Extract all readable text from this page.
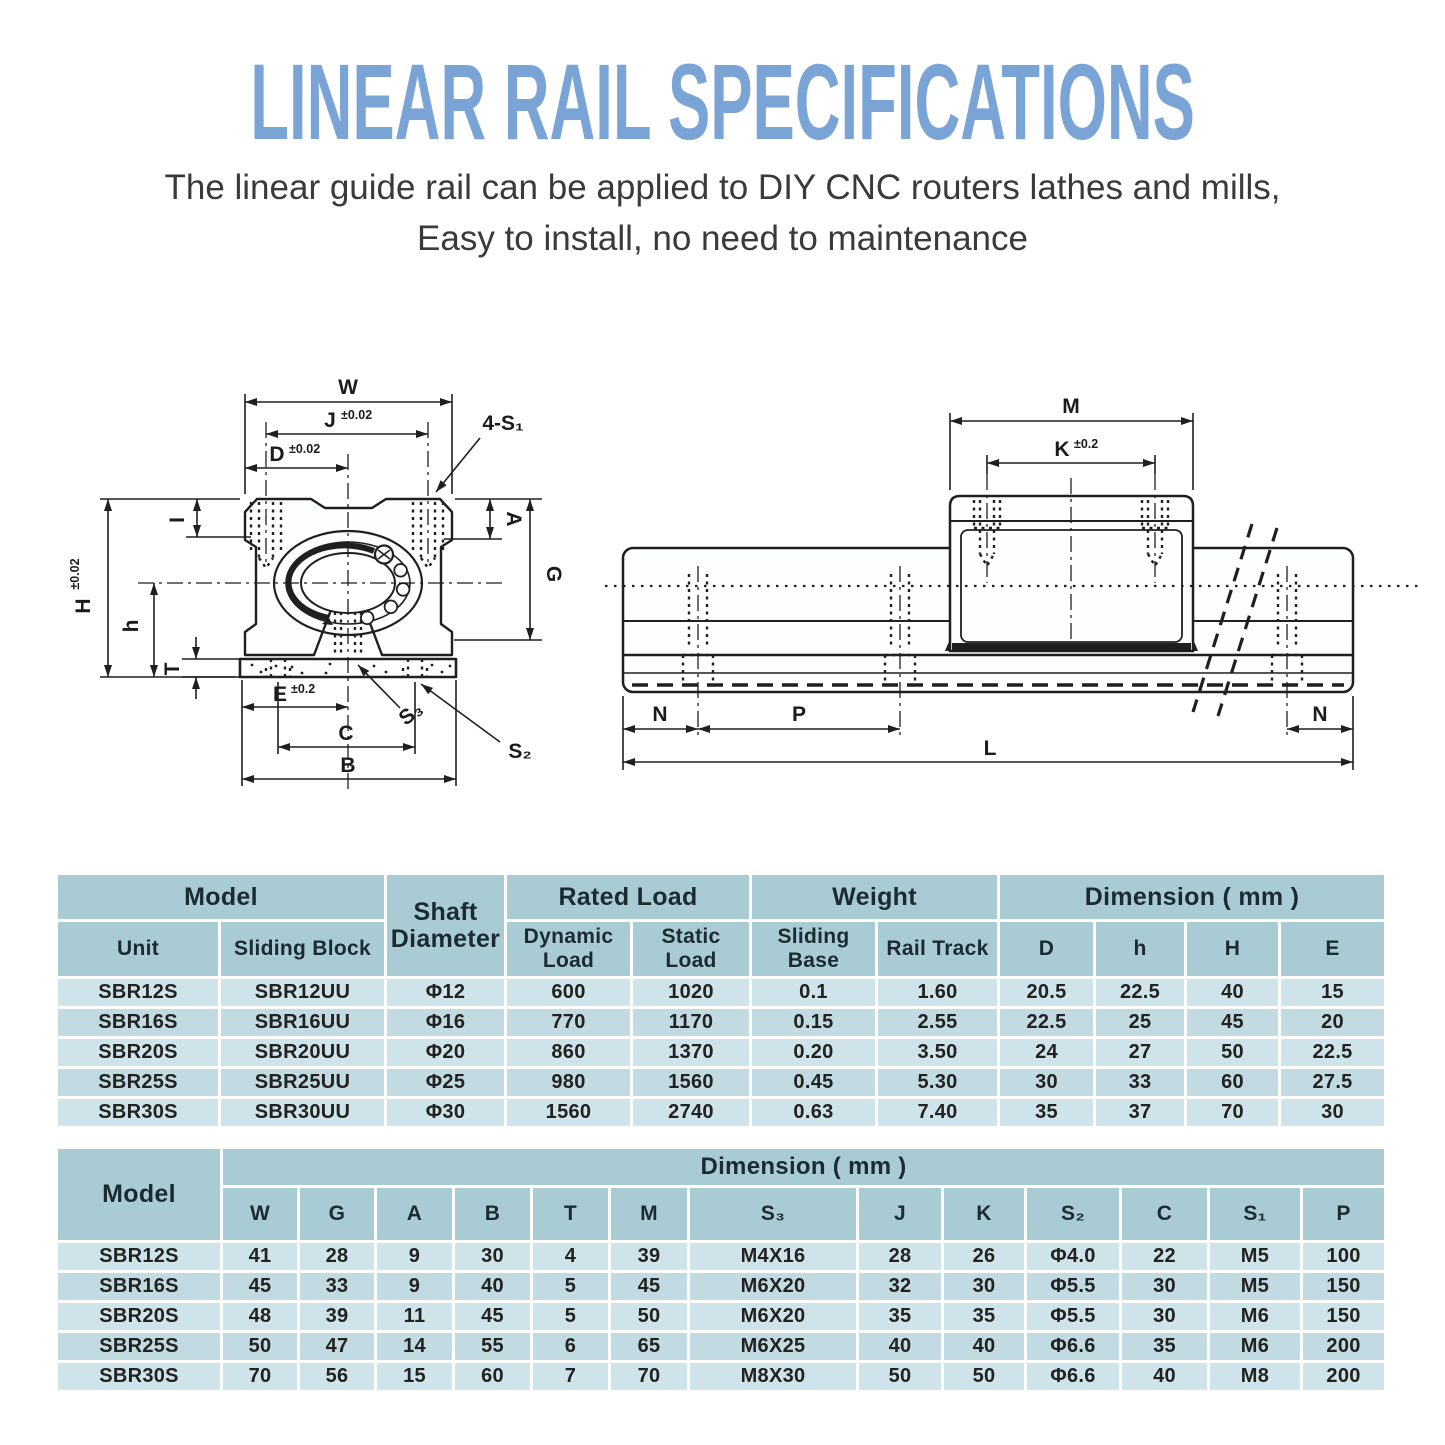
LINEAR RAIL SPECIFICATIONS
The linear guide rail can be applied to DIY CNC routers lathes and mills,
Easy to install, no need to maintenance
W
J ±0.02
D ±0.02
4-S₁
I	A
G
H
±0.02
h
T
E ±0.2
S₃
S₂
C
B
M
K ±0.2
N	P	N
L
Model		Shaft Diameter	Rated Load		Weight		Dimension ( mm )			
Unit	Sliding Block		Dynamic Load	Static Load	Sliding Base	Rail Track	D	h	H	E
SBR12S	SBR12UU	Φ12	600	1020	0.1	1.60	20.5	22.5	40	15
SBR16S	SBR16UU	Φ16	770	1170	0.15	2.55	22.5	25	45	20
SBR20S	SBR20UU	Φ20	860	1370	0.20	3.50	24	27	50	22.5
SBR25S	SBR25UU	Φ25	980	1560	0.45	5.30	30	33	60	27.5
SBR30S	SBR30UU	Φ30	1560	2740	0.63	7.40	35	37	70	30
Model	Dimension ( mm )												
	W	G	A	B	T	M	S₃	J	K	S₂	C	S₁	P
SBR12S	41	28	9	30	4	39	M4X16	28	26	Φ4.0	22	M5	100
SBR16S	45	33	9	40	5	45	M6X20	32	30	Φ5.5	30	M5	150
SBR20S	48	39	11	45	5	50	M6X20	35	35	Φ5.5	30	M6	150
SBR25S	50	47	14	55	6	65	M6X25	40	40	Φ6.6	35	M6	200
SBR30S	70	56	15	60	7	70	M8X30	50	50	Φ6.6	40	M8	200
